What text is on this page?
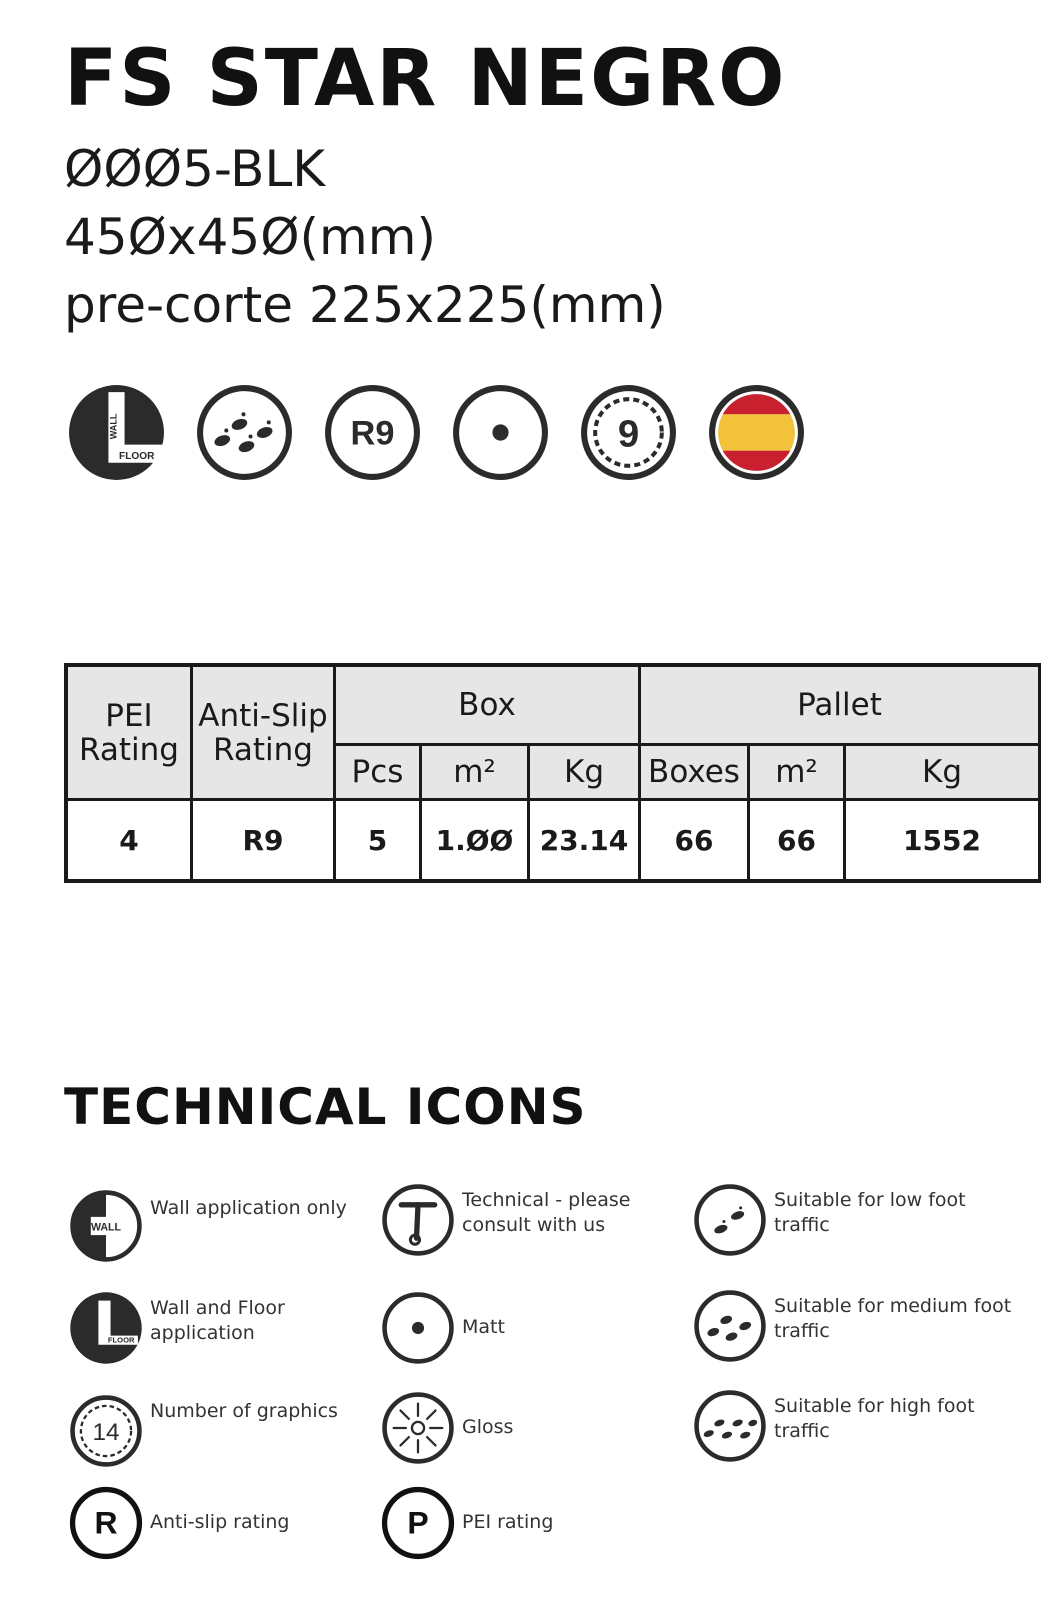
FS STAR NEGRO

ØØØ5-BLK

45Øx45Ø(mm)

pre-corte 225x225(mm)

WALL
FLOOR
R9	9
PEI Rating	Anti-Slip Rating	Box			Pallet		
		Pcs	m²	Kg	Boxes	m²	Kg
4	R9	5	1.ØØ	23.14	66	66	1552
TECHNICAL ICONS
WALL
Wall application only
FLOOR
Wall and Floor application
14
Number of graphics
R Anti-slip rating
Technical - please consult with us
Matt
Gloss
P PEI rating
Suitable for low foot traffic
Suitable for medium foot traffic
Suitable for high foot traffic
